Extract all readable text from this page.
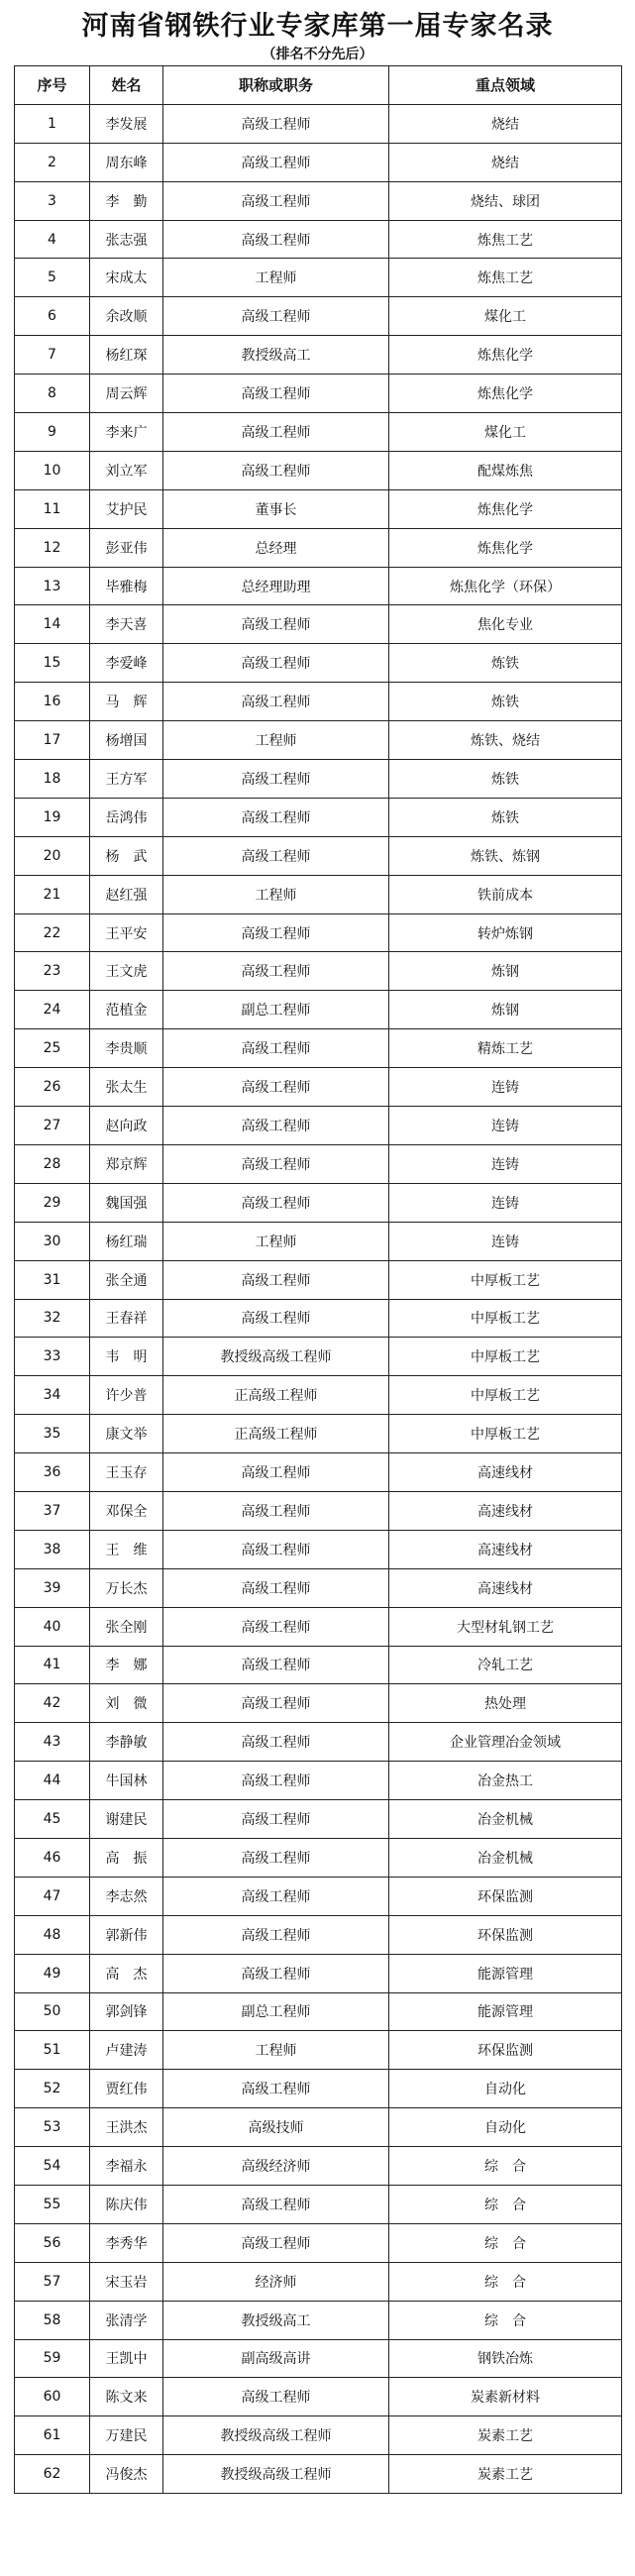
河南省钢铁行业专家库第一届专家名录
（排名不分先后）
序号	姓名	职称或职务	重点领域
1	李发展	高级工程师	烧结
2	周东峰	高级工程师	烧结
3	李　勤	高级工程师	烧结、球团
4	张志强	高级工程师	炼焦工艺
5	宋成太	工程师	炼焦工艺
6	余改顺	高级工程师	煤化工
7	杨红琛	教授级高工	炼焦化学
8	周云辉	高级工程师	炼焦化学
9	李来广	高级工程师	煤化工
10	刘立军	高级工程师	配煤炼焦
11	艾护民	董事长	炼焦化学
12	彭亚伟	总经理	炼焦化学
13	毕雅梅	总经理助理	炼焦化学（环保）
14	李天喜	高级工程师	焦化专业
15	李爱峰	高级工程师	炼铁
16	马　辉	高级工程师	炼铁
17	杨增国	工程师	炼铁、烧结
18	王方军	高级工程师	炼铁
19	岳鸿伟	高级工程师	炼铁
20	杨　武	高级工程师	炼铁、炼钢
21	赵红强	工程师	铁前成本
22	王平安	高级工程师	转炉炼钢
23	王文虎	高级工程师	炼钢
24	范植金	副总工程师	炼钢
25	李贵顺	高级工程师	精炼工艺
26	张太生	高级工程师	连铸
27	赵向政	高级工程师	连铸
28	郑京辉	高级工程师	连铸
29	魏国强	高级工程师	连铸
30	杨红瑞	工程师	连铸
31	张全通	高级工程师	中厚板工艺
32	王春祥	高级工程师	中厚板工艺
33	韦　明	教授级高级工程师	中厚板工艺
34	许少普	正高级工程师	中厚板工艺
35	康文举	正高级工程师	中厚板工艺
36	王玉存	高级工程师	高速线材
37	邓保全	高级工程师	高速线材
38	王　维	高级工程师	高速线材
39	万长杰	高级工程师	高速线材
40	张全刚	高级工程师	大型材轧钢工艺
41	李　娜	高级工程师	冷轧工艺
42	刘　微	高级工程师	热处理
43	李静敏	高级工程师	企业管理冶金领域
44	牛国林	高级工程师	冶金热工
45	谢建民	高级工程师	冶金机械
46	高　振	高级工程师	冶金机械
47	李志然	高级工程师	环保监测
48	郭新伟	高级工程师	环保监测
49	高　杰	高级工程师	能源管理
50	郭剑锋	副总工程师	能源管理
51	卢建涛	工程师	环保监测
52	贾红伟	高级工程师	自动化
53	王洪杰	高级技师	自动化
54	李福永	高级经济师	综　合
55	陈庆伟	高级工程师	综　合
56	李秀华	高级工程师	综　合
57	宋玉岩	经济师	综　合
58	张清学	教授级高工	综　合
59	王凯中	副高级高讲	钢铁冶炼
60	陈文来	高级工程师	炭素新材料
61	万建民	教授级高级工程师	炭素工艺
62	冯俊杰	教授级高级工程师	炭素工艺
